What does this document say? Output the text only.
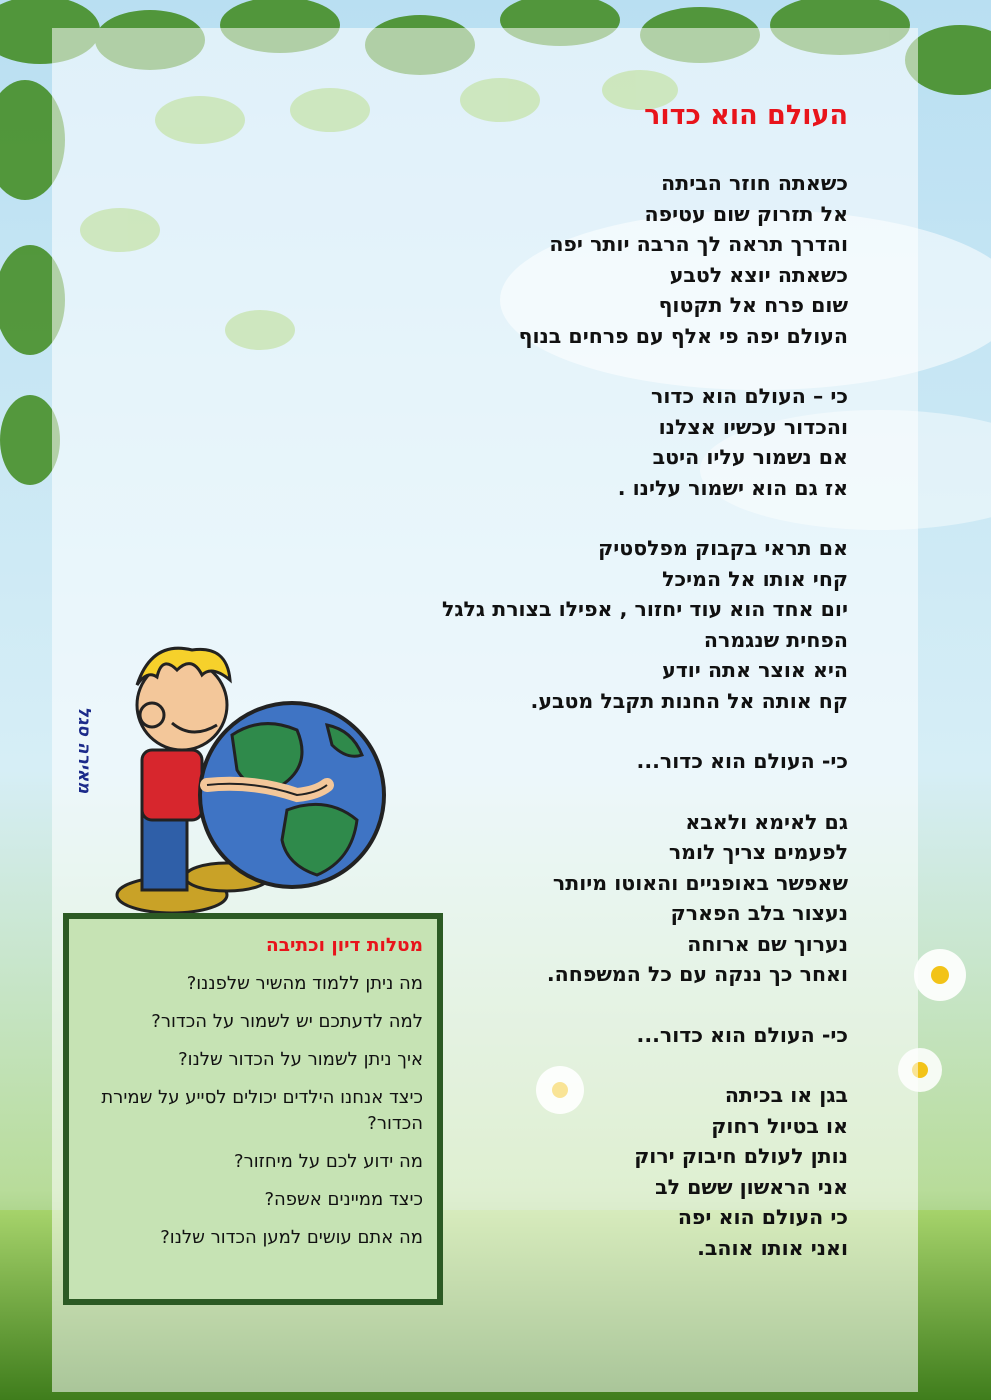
העולם הוא כדור
כשאתה חוזר הביתה
אל תזרוק שום עטיפה
והדרך תראה לך הרבה יותר יפה
כשאתה יוצא לטבע
שום פרח אל תקטוף
העולם יפה פי אלף עם פרחים בנוף
כי – העולם הוא כדור
והכדור עכשיו אצלנו
אם נשמור עליו היטב
אז גם הוא ישמור עלינו .
אם תראי בקבוק מפלסטיק
קחי אותו אל המיכל
יום אחד הוא עוד יחזור , אפילו בצורת גלגל
הפחית שנגמרה
היא אוצר אתה יודע
קח אותה אל החנות תקבל מטבע.
כי- העולם הוא כדור...
גם לאימא ולאבא
לפעמים צריך לומר
שאפשר באופניים והאוטו מיותר
נעצור בלב הפארק
נערוך שם ארוחה
ואחר כך ננקה עם כל המשפחה.
כי- העולם הוא כדור...
בגן או בכיתה
או בטיול רחוק
נותן לעולם חיבוק ירוק
אני הראשון ששם לב
כי העולם הוא יפה
ואני אותו אוהב.
מאירה סגל
מטלות דיון וכתיבה
מה ניתן ללמוד מהשיר שלפננו?
למה לדעתכם יש לשמור על הכדור?
איך ניתן לשמור על הכדור שלנו?
כיצד אנחנו הילדים יכולים לסייע על שמירת הכדור?
מה ידוע לכם על מיחזור?
כיצד ממיינים אשפה?
מה אתם עושים למען הכדור שלנו?
